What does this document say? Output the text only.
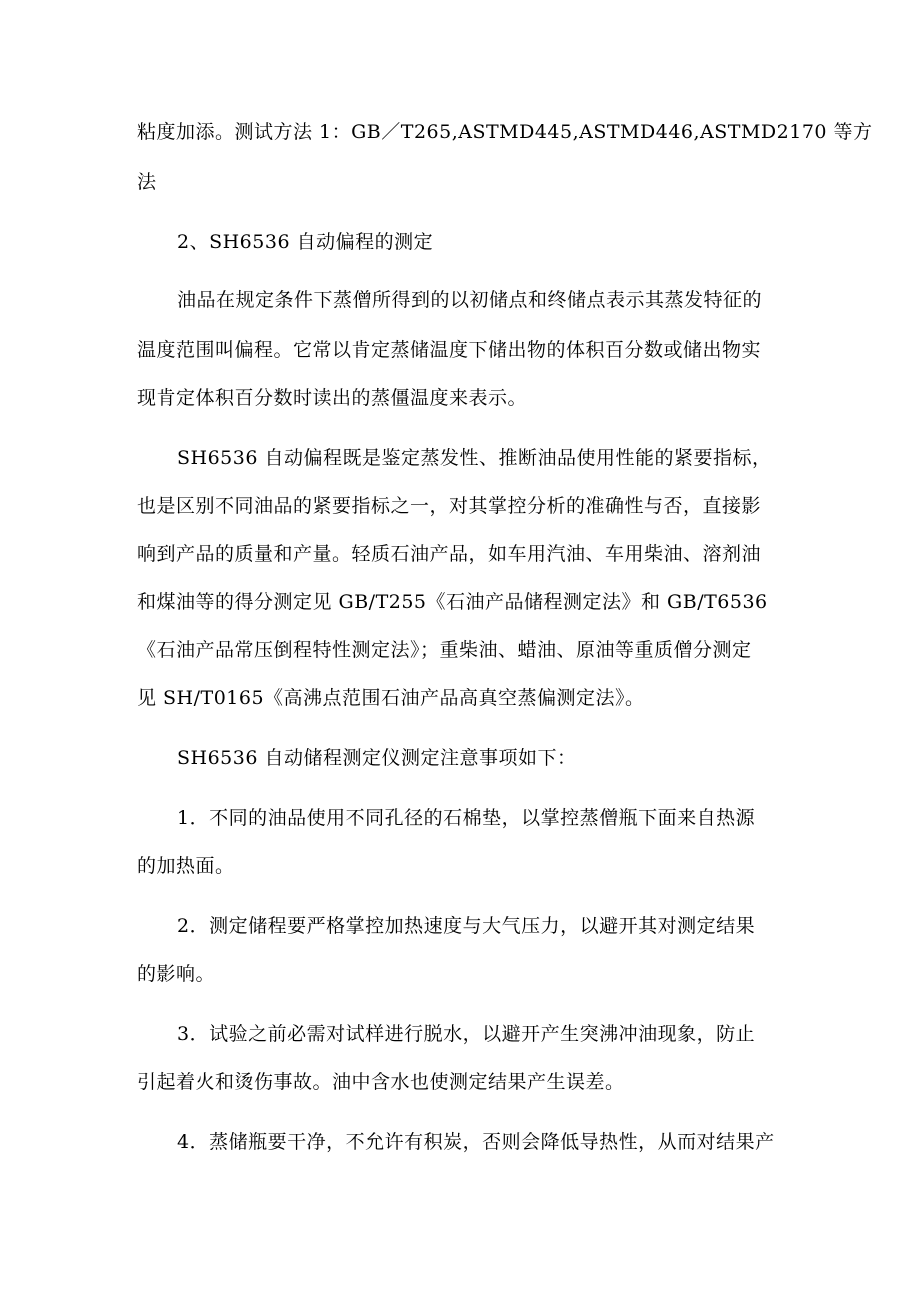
粘度加添。测试方法 1：GB／T265,ASTMD445,ASTMD446,ASTMD2170 等方
法
2、SH6536 自动偏程的测定
油品在规定条件下蒸僧所得到的以初储点和终储点表示其蒸发特征的
温度范围叫偏程。它常以肯定蒸储温度下储出物的体积百分数或储出物实
现肯定体积百分数时读出的蒸僵温度来表示。
SH6536 自动偏程既是鉴定蒸发性、推断油品使用性能的紧要指标，
也是区别不同油品的紧要指标之一，对其掌控分析的准确性与否，直接影
响到产品的质量和产量。轻质石油产品，如车用汽油、车用柴油、溶剂油
和煤油等的得分测定见 GB/T255《石油产品储程测定法》和 GB/T6536
《石油产品常压倒程特性测定法》；重柴油、蜡油、原油等重质僧分测定
见 SH/T0165《高沸点范围石油产品高真空蒸偏测定法》。
SH6536 自动储程测定仪测定注意事项如下：
1．不同的油品使用不同孔径的石棉垫，以掌控蒸僧瓶下面来自热源
的加热面。
2．测定储程要严格掌控加热速度与大气压力，以避开其对测定结果
的影响。
3．试验之前必需对试样进行脱水，以避开产生突沸冲油现象，防止
引起着火和烫伤事故。油中含水也使测定结果产生误差。
4．蒸储瓶要干净，不允许有积炭，否则会降低导热性，从而对结果产
